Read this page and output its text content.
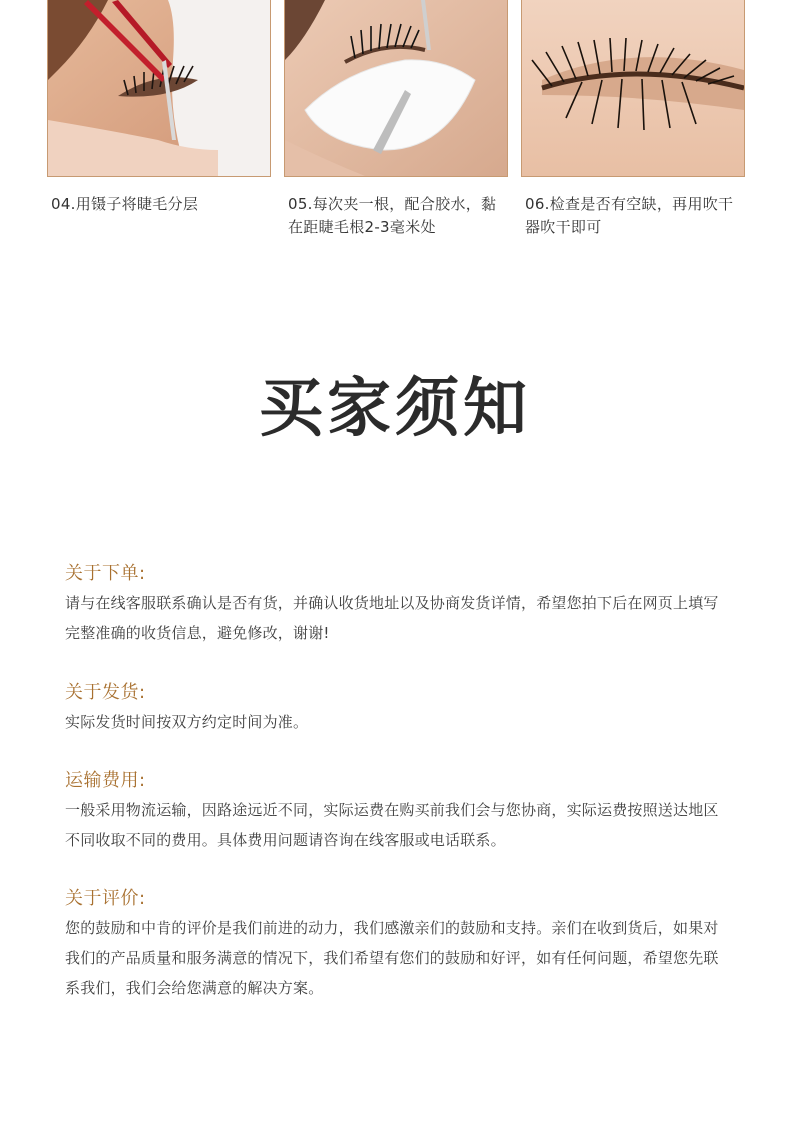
04.用镊子将睫毛分层	05.每次夹一根，配合胶水，黏在距睫毛根2-3毫米处
06.检查是否有空缺，再用吹干器吹干即可
买家须知

关于下单:

请与在线客服联系确认是否有货，并确认收货地址以及协商发货详情，希望您拍下后在网页上填写完整准确的收货信息，避免修改，谢谢!

关于发货:

实际发货时间按双方约定时间为准。

运输费用:

一般采用物流运输，因路途远近不同，实际运费在购买前我们会与您协商，实际运费按照送达地区不同收取不同的费用。具体费用问题请咨询在线客服或电话联系。

关于评价:

您的鼓励和中肯的评价是我们前进的动力，我们感激亲们的鼓励和支持。亲们在收到货后，如果对我们的产品质量和服务满意的情况下，我们希望有您们的鼓励和好评，如有任何问题，希望您先联系我们，我们会给您满意的解决方案。
